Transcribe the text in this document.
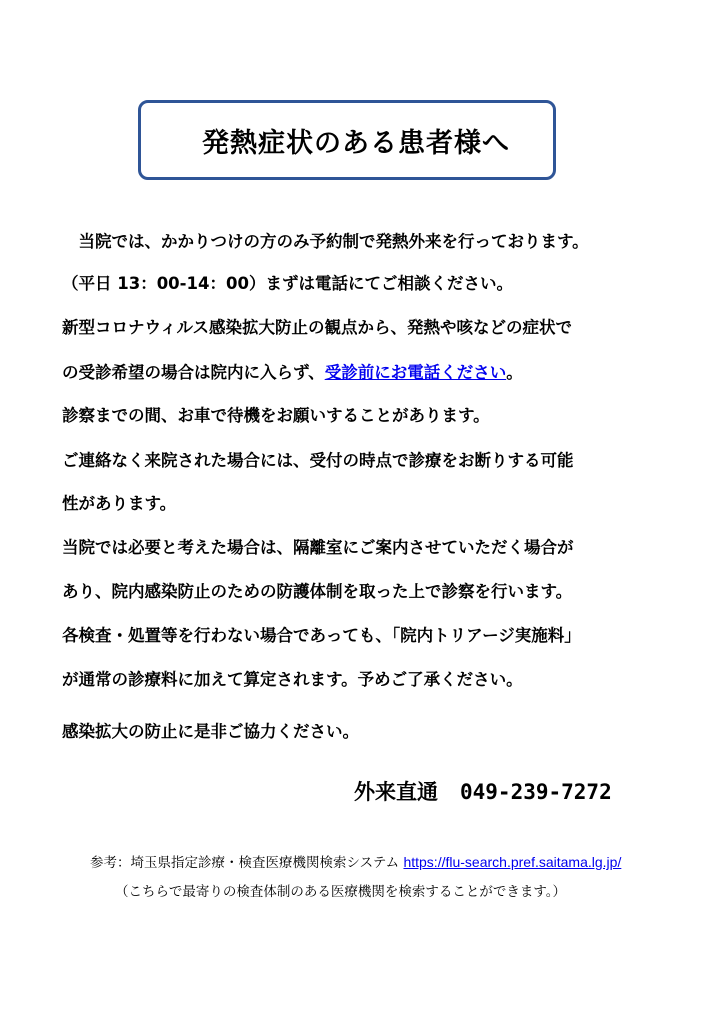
発熱症状のある患者様へ
　当院では、かかりつけの方のみ予約制で発熱外来を行っております。
（平日 13：00-14：00）まずは電話にてご相談ください。
新型コロナウィルス感染拡大防止の観点から、発熱や咳などの症状で
の受診希望の場合は院内に入らず、受診前にお電話ください。
診察までの間、お車で待機をお願いすることがあります。
ご連絡なく来院された場合には、受付の時点で診療をお断りする可能
性があります。
当院では必要と考えた場合は、隔離室にご案内させていただく場合が
あり、院内感染防止のための防護体制を取った上で診察を行います。
各検査・処置等を行わない場合であっても、「院内トリアージ実施料」
が通常の診療料に加えて算定されます。予めご了承ください。
感染拡大の防止に是非ご協力ください。
外来直通 049-239-7272
参考：埼玉県指定診療・検査医療機関検索システム https://flu-search.pref.saitama.lg.jp/
（こちらで最寄りの検査体制のある医療機関を検索することができます。）
